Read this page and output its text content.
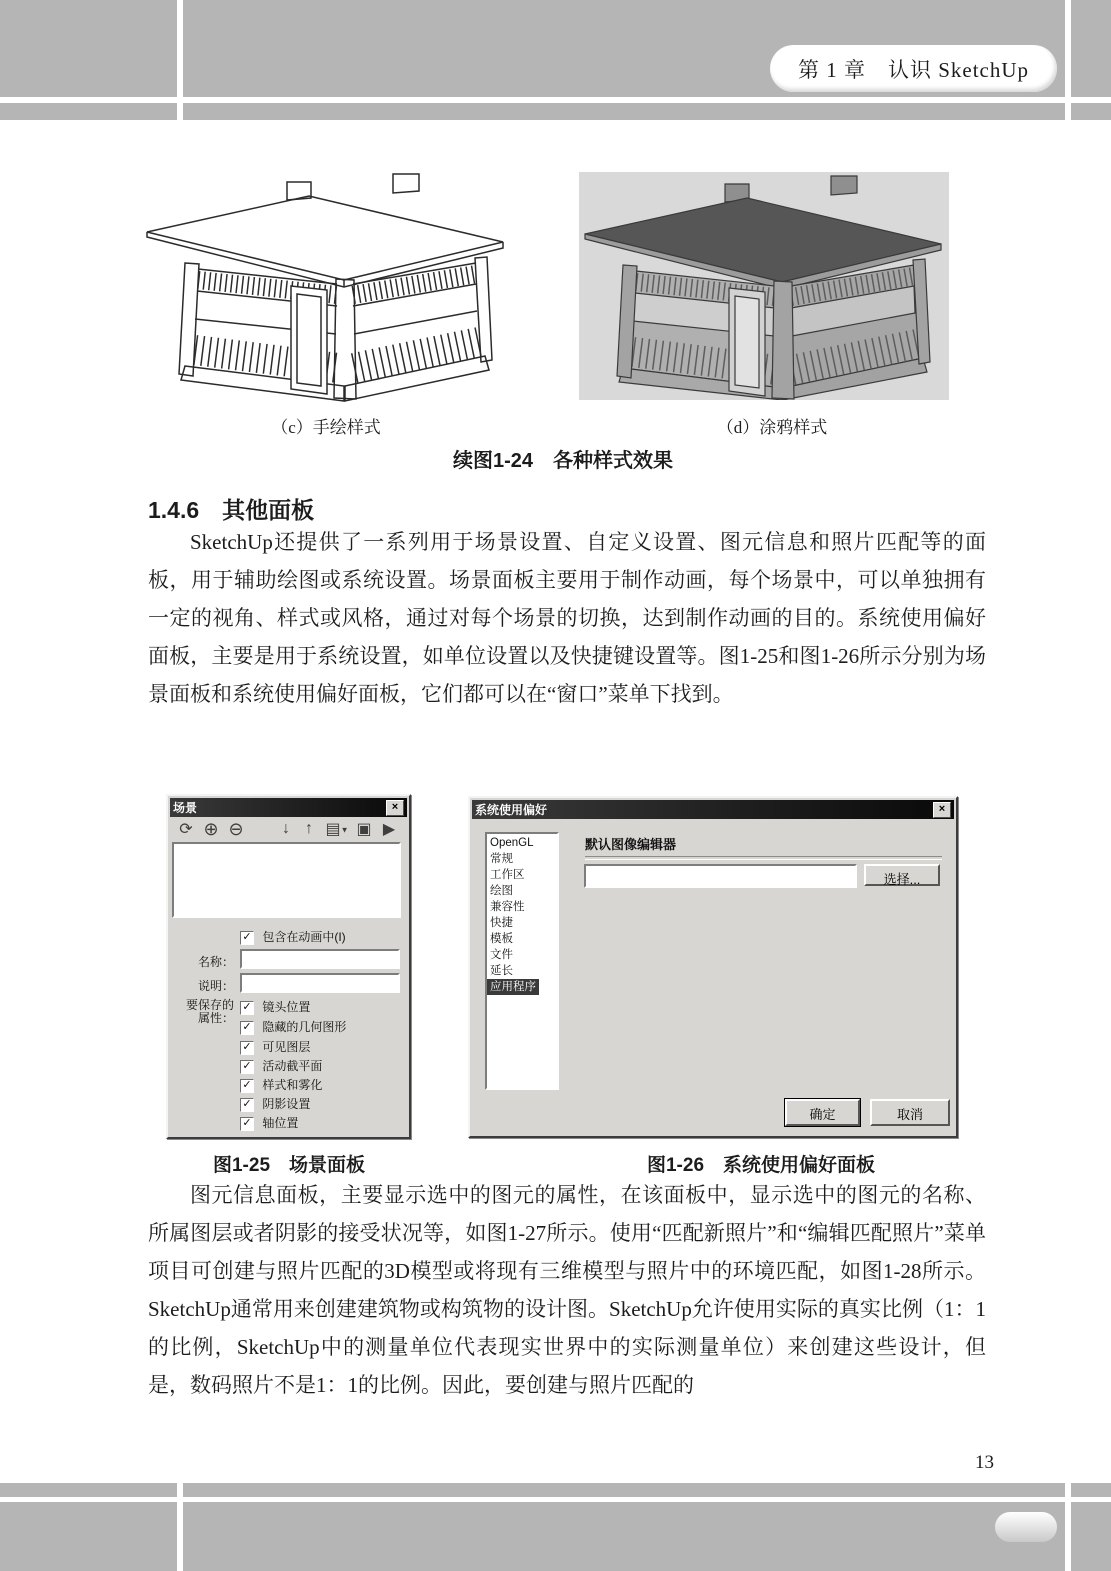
第 1 章　认识 SketchUp
（c）手绘样式	（d）涂鸦样式
续图1-24　各种样式效果
1.4.6　其他面板

SketchUp还提供了一系列用于场景设置、自定义设置、图元信息和照片匹配等的面板，用于辅助绘图或系统设置。场景面板主要用于制作动画，每个场景中，可以单独拥有一定的视角、样式或风格，通过对每个场景的切换，达到制作动画的目的。系统使用偏好面板，主要是用于系统设置，如单位设置以及快捷键设置等。图1-25和图1-26所示分别为场景面板和系统使用偏好面板，它们都可以在“窗口”菜单下找到。

场景	×
⟳ ⊕ ⊖	↓ ↑ ▤▼ ▣ ▶
✓ 包含在动画中(I)
名称：
说明：
要保存的
属性：
✓ 镜头位置
✓ 隐藏的几何图形
✓ 可见图层
✓ 活动截平面
✓ 样式和雾化
✓ 阴影设置
✓ 轴位置
系统使用偏好	×
OpenGL
常规
工作区
绘图
兼容性
快捷
模板
文件
延长
应用程序
默认图像编辑器
选择...
确定	取消
图1-25　场景面板	图1-26　系统使用偏好面板

图元信息面板，主要显示选中的图元的属性，在该面板中，显示选中的图元的名称、所属图层或者阴影的接受状况等，如图1-27所示。使用“匹配新照片”和“编辑匹配照片”菜单项目可创建与照片匹配的3D模型或将现有三维模型与照片中的环境匹配，如图1-28所示。SketchUp通常用来创建建筑物或构筑物的设计图。SketchUp允许使用实际的真实比例（1：1的比例，SketchUp中的测量单位代表现实世界中的实际测量单位）来创建这些设计，但是，数码照片不是1：1的比例。因此，要创建与照片匹配的

13
